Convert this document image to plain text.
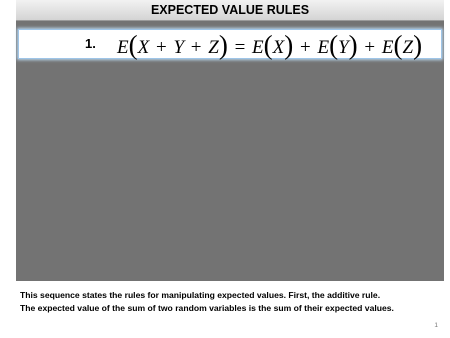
EXPECTED VALUE RULES
1. E(X + Y + Z) = E(X) + E(Y) + E(Z)

This sequence states the rules for manipulating expected values. First, the additive rule.

The expected value of the sum of two random variables is the sum of their expected values.

1
